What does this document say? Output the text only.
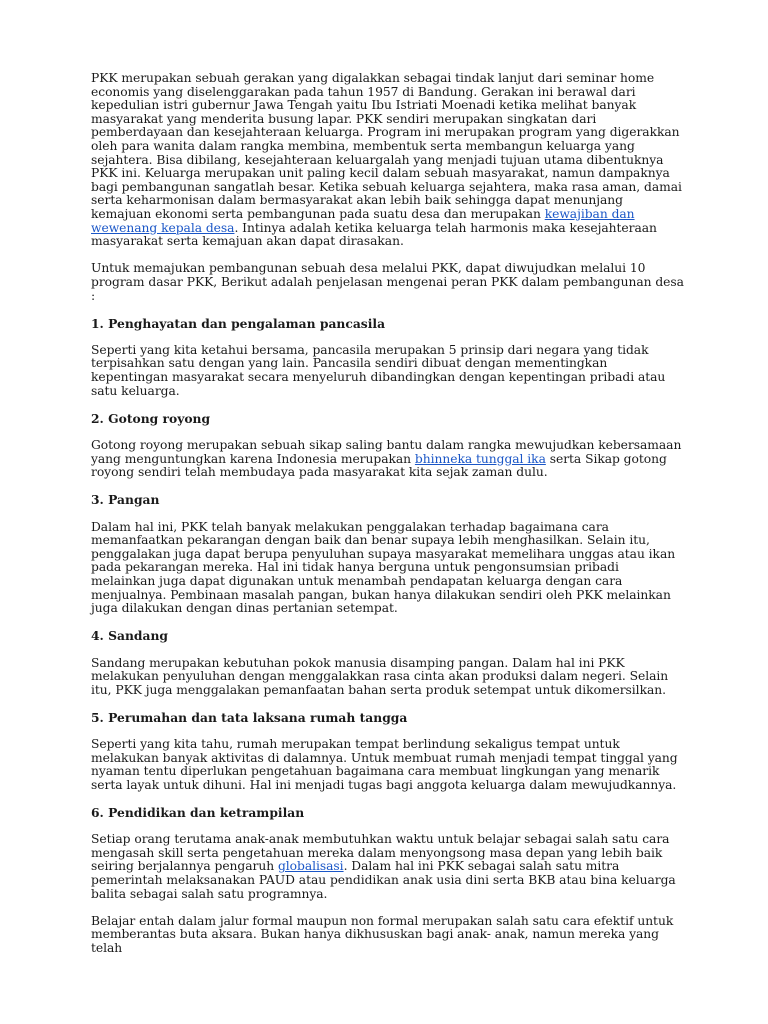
PKK merupakan sebuah gerakan yang digalakkan sebagai tindak lanjut dari seminar home economis yang diselenggarakan pada tahun 1957 di Bandung. Gerakan ini berawal dari kepedulian istri gubernur Jawa Tengah yaitu Ibu Istriati Moenadi ketika melihat banyak masyarakat yang menderita busung lapar. PKK sendiri merupakan singkatan dari pemberdayaan dan kesejahteraan keluarga. Program ini merupakan program yang digerakkan oleh para wanita dalam rangka membina, membentuk serta membangun keluarga yang sejahtera. Bisa dibilang, kesejahteraan keluargalah yang menjadi tujuan utama dibentuknya PKK ini. Keluarga merupakan unit paling kecil dalam sebuah masyarakat, namun dampaknya bagi pembangunan sangatlah besar. Ketika sebuah keluarga sejahtera, maka rasa aman, damai serta keharmonisan dalam bermasyarakat akan lebih baik sehingga dapat menunjang kemajuan ekonomi serta pembangunan pada suatu desa dan merupakan kewajiban dan wewenang kepala desa. Intinya adalah ketika keluarga telah harmonis maka kesejahteraan masyarakat serta kemajuan akan dapat dirasakan.

Untuk memajukan pembangunan sebuah desa melalui PKK, dapat diwujudkan melalui 10 program dasar PKK, Berikut adalah penjelasan mengenai peran PKK dalam pembangunan desa :

1. Penghayatan dan pengalaman pancasila

Seperti yang kita ketahui bersama, pancasila merupakan 5 prinsip dari negara yang tidak terpisahkan satu dengan yang lain. Pancasila sendiri dibuat dengan mementingkan kepentingan masyarakat secara menyeluruh dibandingkan dengan kepentingan pribadi atau satu keluarga.

2. Gotong royong

Gotong royong merupakan sebuah sikap saling bantu dalam rangka mewujudkan kebersamaan yang menguntungkan karena Indonesia merupakan bhinneka tunggal ika serta Sikap gotong royong sendiri telah membudaya pada masyarakat kita sejak zaman dulu.

3. Pangan

Dalam hal ini, PKK telah banyak melakukan penggalakan terhadap bagaimana cara memanfaatkan pekarangan dengan baik dan benar supaya lebih menghasilkan. Selain itu, penggalakan juga dapat berupa penyuluhan supaya masyarakat memelihara unggas atau ikan pada pekarangan mereka. Hal ini tidak hanya berguna untuk pengonsumsian pribadi melainkan juga dapat digunakan untuk menambah pendapatan keluarga dengan cara menjualnya. Pembinaan masalah pangan, bukan hanya dilakukan sendiri oleh PKK melainkan juga dilakukan dengan dinas pertanian setempat.

4. Sandang

Sandang merupakan kebutuhan pokok manusia disamping pangan. Dalam hal ini PKK melakukan penyuluhan dengan menggalakkan rasa cinta akan produksi dalam negeri. Selain itu, PKK juga menggalakan pemanfaatan bahan serta produk setempat untuk dikomersilkan.

5. Perumahan dan tata laksana rumah tangga

Seperti yang kita tahu, rumah merupakan tempat berlindung sekaligus tempat untuk melakukan banyak aktivitas di dalamnya. Untuk membuat rumah menjadi tempat tinggal yang nyaman tentu diperlukan pengetahuan bagaimana cara membuat lingkungan yang menarik serta layak untuk dihuni. Hal ini menjadi tugas bagi anggota keluarga dalam mewujudkannya.

6. Pendidikan dan ketrampilan

Setiap orang terutama anak-anak membutuhkan waktu untuk belajar sebagai salah satu cara mengasah skill serta pengetahuan mereka dalam menyongsong masa depan yang lebih baik seiring berjalannya pengaruh globalisasi. Dalam hal ini PKK sebagai salah satu mitra pemerintah melaksanakan PAUD atau pendidikan anak usia dini serta BKB atau bina keluarga balita sebagai salah satu programnya.

Belajar entah dalam jalur formal maupun non formal merupakan salah satu cara efektif untuk memberantas buta aksara. Bukan hanya dikhususkan bagi anak- anak, namun mereka yang telah
